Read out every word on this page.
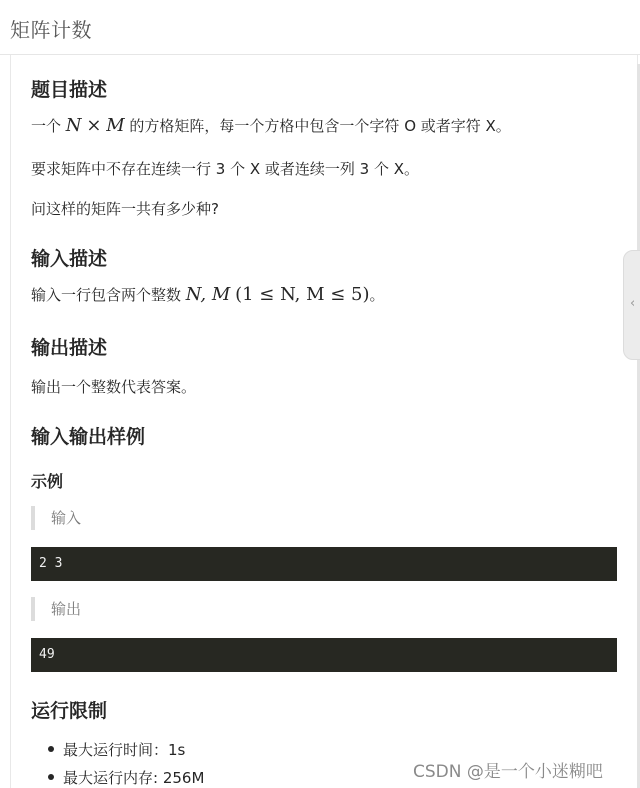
矩阵计数
‹
题目描述
一个 N × M 的方格矩阵，每一个方格中包含一个字符 O 或者字符 X。
要求矩阵中不存在连续一行 3 个 X 或者连续一列 3 个 X。
问这样的矩阵一共有多少种?
输入描述
输入一行包含两个整数 N, M (1 ≤ N, M ≤ 5)。
输出描述
输出一个整数代表答案。
输入输出样例
示例
输入
2 3
输出
49
运行限制
最大运行时间：1s
最大运行内存: 256M	CSDN @是一个小迷糊吧
